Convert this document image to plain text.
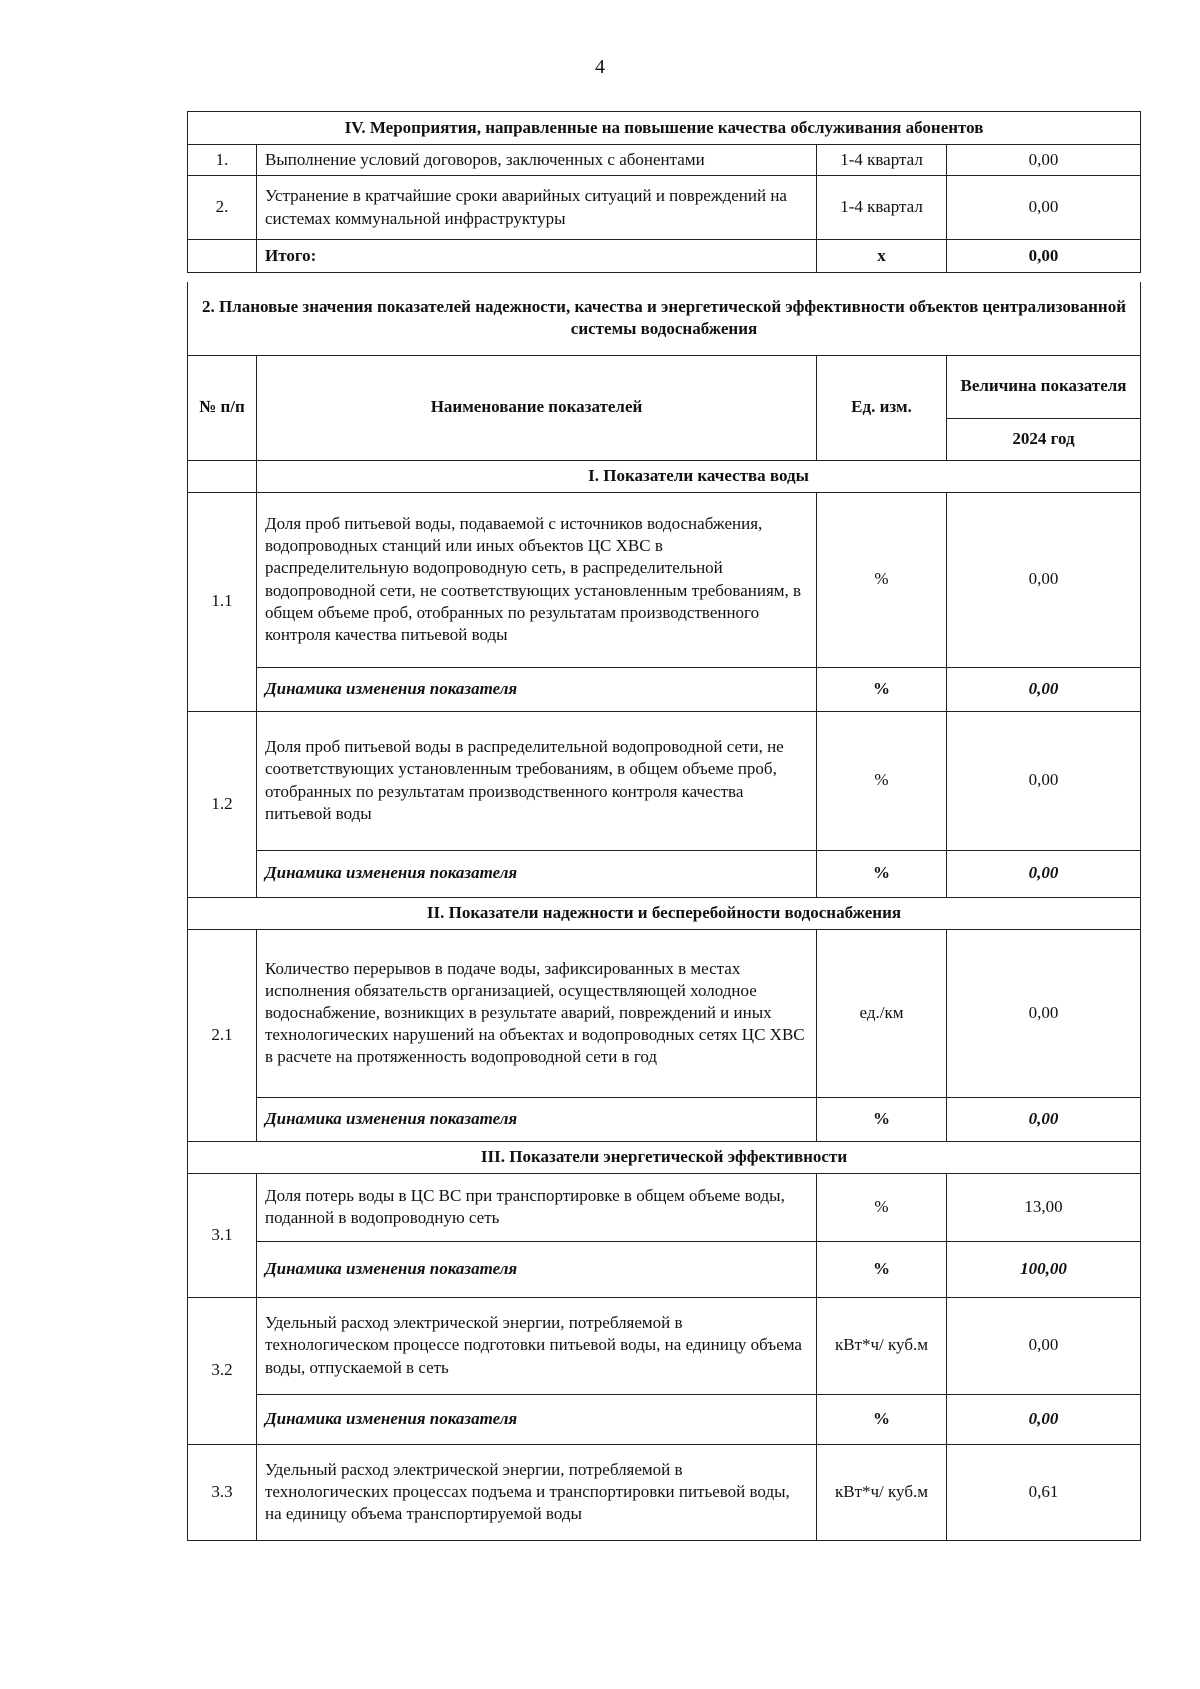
4
IV. Мероприятия, направленные на повышение качества обслуживания абонентов			
1.	Выполнение условий договоров, заключенных с абонентами	1-4 квартал	0,00
2.	Устранение в кратчайшие сроки аварийных ситуаций и повреждений на системах коммунальной инфраструктуры	1-4 квартал	0,00
	Итого:	х	0,00
2. Плановые значения показателей надежности, качества и энергетической эффективности объектов централизованной системы водоснабжения			
№ п/п	Наименование показателей	Ед. изм.	Величина показателя
			2024 год
	I. Показатели качества воды		
1.1	Доля проб питьевой воды, подаваемой с источников водоснабжения, водопроводных станций или иных объектов ЦС ХВС в распределительную водопроводную сеть, в распределительной водопроводной сети, не соответствующих установленным требованиям, в общем объеме проб, отобранных по результатам производственного контроля качества питьевой воды	%	0,00
	Динамика изменения показателя	%	0,00
1.2	Доля проб питьевой воды в распределительной водопроводной сети, не соответствующих установленным требованиям, в общем объеме проб, отобранных по результатам производственного контроля качества питьевой воды	%	0,00
	Динамика изменения показателя	%	0,00
II. Показатели надежности и бесперебойности водоснабжения			
2.1	Количество перерывов в подаче воды, зафиксированных в местах исполнения обязательств организацией, осуществляющей холодное водоснабжение, возникщих в результате аварий, повреждений и иных технологических нарушений на объектах и водопроводных сетях ЦС ХВС в расчете на протяженность водопроводной сети в год	ед./км	0,00
	Динамика изменения показателя	%	0,00
III. Показатели энергетической эффективности			
3.1	Доля потерь воды в ЦС ВС при транспортировке в общем объеме воды, поданной в водопроводную сеть	%	13,00
	Динамика изменения показателя	%	100,00
3.2	Удельный расход электрической энергии, потребляемой в технологическом процессе подготовки питьевой воды, на единицу объема воды, отпускаемой в сеть	кВт*ч/ куб.м	0,00
	Динамика изменения показателя	%	0,00
3.3	Удельный расход электрической энергии, потребляемой в технологических процессах подъема и транспортировки питьевой воды, на единицу объема транспортируемой воды	кВт*ч/ куб.м	0,61
